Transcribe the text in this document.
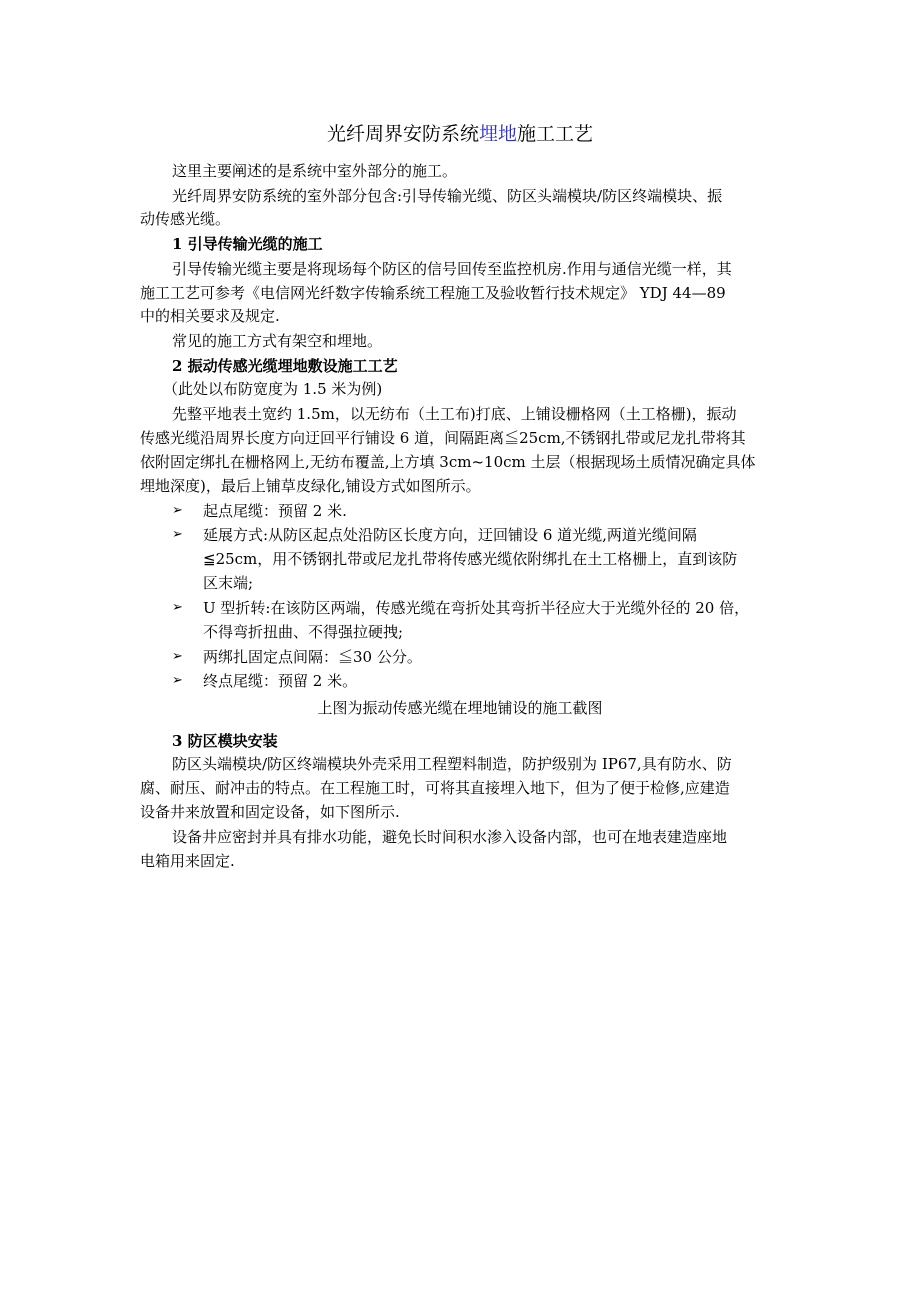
光纤周界安防系统埋地施工工艺
这里主要阐述的是系统中室外部分的施工。
光纤周界安防系统的室外部分包含:引导传输光缆、防区头端模块/防区终端模块、振
动传感光缆。
1 引导传输光缆的施工
引导传输光缆主要是将现场每个防区的信号回传至监控机房.作用与通信光缆一样，其
施工工艺可参考《电信网光纤数字传输系统工程施工及验收暂行技术规定》 YDJ 44—89
中的相关要求及规定.
常见的施工方式有架空和埋地。
2 振动传感光缆埋地敷设施工工艺
（此处以布防宽度为 1.5 米为例)
先整平地表土宽约 1.5m，以无纺布（土工布)打底、上铺设栅格网（土工格栅)，振动
传感光缆沿周界长度方向迂回平行铺设 6 道，间隔距离≦25cm,不锈钢扎带或尼龙扎带将其
依附固定绑扎在栅格网上,无纺布覆盖,上方填 3cm~10cm 土层（根据现场土质情况确定具体
埋地深度)，最后上铺草皮绿化,铺设方式如图所示。
➢ 起点尾缆：预留 2 米.
➢ 延展方式:从防区起点处沿防区长度方向，迂回铺设 6 道光缆,两道光缆间隔
≦25cm，用不锈钢扎带或尼龙扎带将传感光缆依附绑扎在土工格栅上，直到该防
区末端;
➢ U 型折转:在该防区两端，传感光缆在弯折处其弯折半径应大于光缆外径的 20 倍，
不得弯折扭曲、不得强拉硬拽;
➢ 两绑扎固定点间隔：≦30 公分。
➢ 终点尾缆：预留 2 米。
上图为振动传感光缆在埋地铺设的施工截图
3 防区模块安装
防区头端模块/防区终端模块外壳采用工程塑料制造，防护级别为 IP67,具有防水、防
腐、耐压、耐冲击的特点。在工程施工时，可将其直接埋入地下，但为了便于检修,应建造
设备井来放置和固定设备，如下图所示.
设备井应密封并具有排水功能，避免长时间积水渗入设备内部，也可在地表建造座地
电箱用来固定.
